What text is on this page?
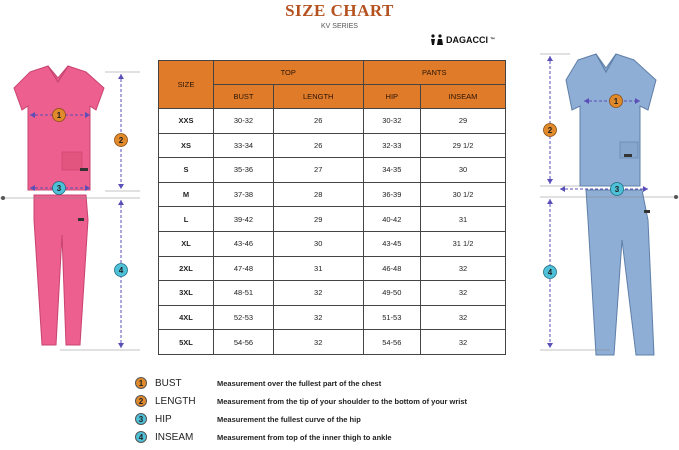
SIZE CHART
KV SERIES
DAGACCI ™
1
2
3
4
1
2
3
4
SIZE	TOP		PANTS	
	BUST	LENGTH	HIP	INSEAM
XXS	30-32	26	30-32	29
XS	33-34	26	32-33	29 1/2
S	35-36	27	34-35	30
M	37-38	28	36-39	30 1/2
L	39-42	29	40-42	31
XL	43-46	30	43-45	31 1/2
2XL	47-48	31	46-48	32
3XL	48-51	32	49-50	32
4XL	52-53	32	51-53	32
5XL	54-56	32	54-56	32
1	BUST	Measurement over the fullest part of the chest
2	LENGTH	Measurement from the tip of your shoulder to the bottom of your wrist
3	HIP	Measurement the fullest curve of the hip
4	INSEAM	Measurement from top of the inner thigh to ankle
